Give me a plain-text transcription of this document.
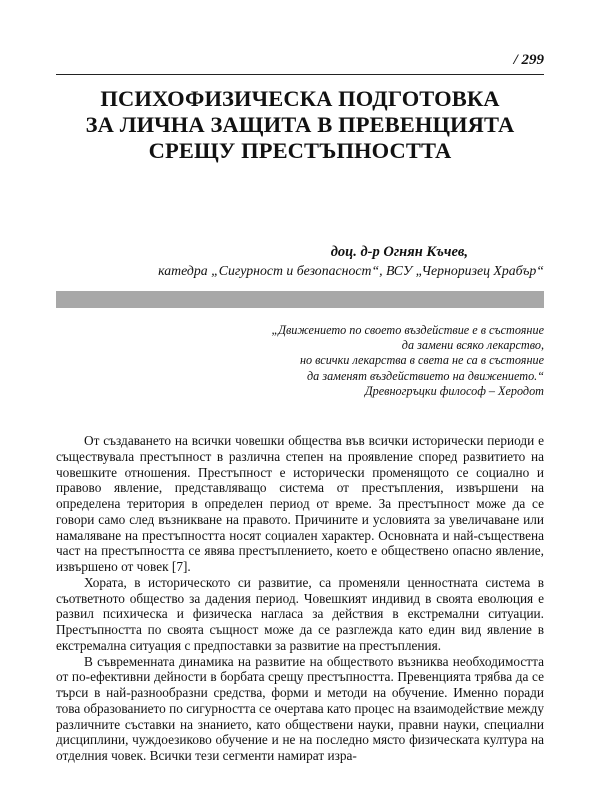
/ 299
ПСИХОФИЗИЧЕСКА ПОДГОТОВКА
ЗА ЛИЧНА ЗАЩИТА В ПРЕВЕНЦИЯТА
СРЕЩУ ПРЕСТЪПНОСТТА
доц. д-р Огнян Къчев,
катедра „Сигурност и безопасност“, ВСУ „Черноризец Храбър“
„Движението по своето въздействие е в състояние
да замени всяко лекарство,
но всички лекарства в света не са в състояние
да заменят въздействието на движението.“
Древногръцки философ – Херодот

От създаването на всички човешки общества във всички исторически периоди е съществувала престъпност в различна степен на проявление според развитието на човешките отношения. Престъпност е исторически променящото се социално и правово явление, представляващо система от престъпления, извършени на определена територия в определен период от време. За престъпност може да се говори само след възникване на правото. Причините и условията за увеличаване или намаляване на престъпността носят социален характер. Основната и най-съществена част на престъпността се явява престъплението, което е обществено опасно явление, извършено от човек [7].

Хората, в историческото си развитие, са променяли ценностната система в съответното общество за дадения период. Човешкият индивид в своята еволюция е развил психическа и физическа нагласа за действия в екстремални ситуации. Престъпността по своята същност може да се разглежда като един вид явление в екстремална ситуация с предпоставки за развитие на престъпления.

В съвременната динамика на развитие на обществото възниква необходимостта от по-ефективни дейности в борбата срещу престъпността. Превенцията трябва да се търси в най-разнообразни средства, форми и методи на обучение. Именно поради това образованието по сигурността се очертава като процес на взаимодействие между различните съставки на знанието, като обществени науки, правни науки, специални дисциплини, чуждоезиково обучение и не на последно място физическата култура на отделния човек. Всички тези сегменти намират изра-
